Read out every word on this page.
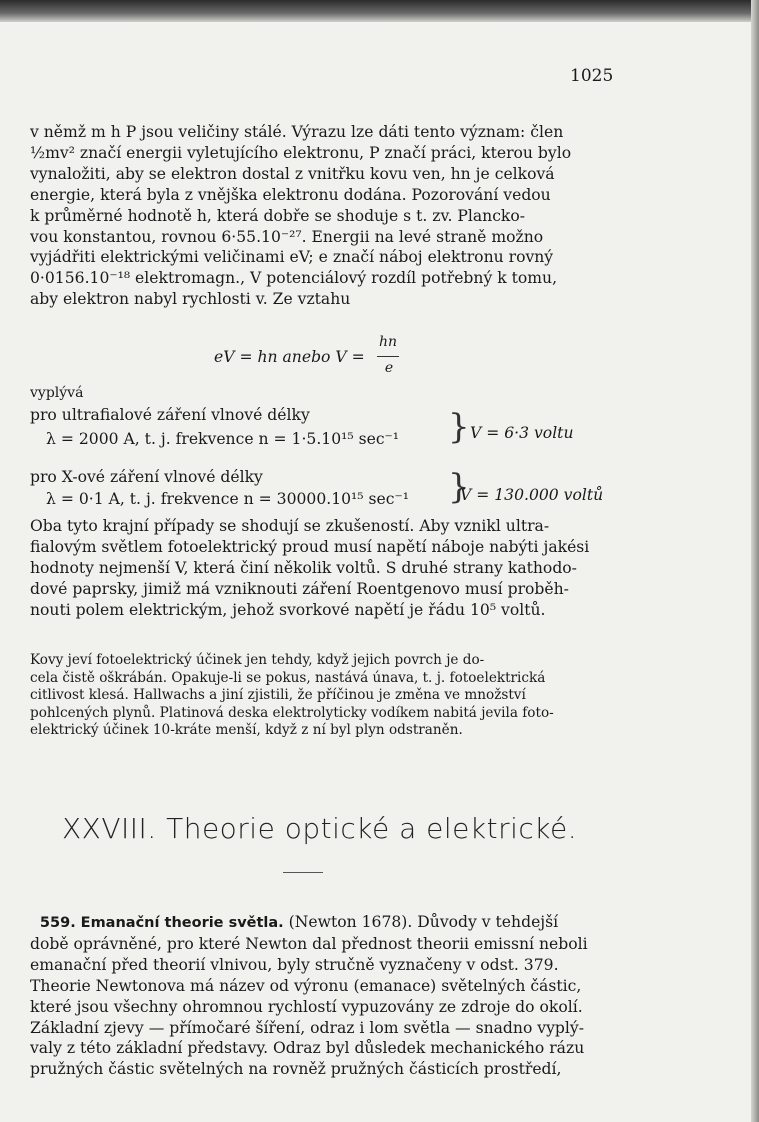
1025
v němž m h P jsou veličiny stálé. Výrazu lze dáti tento význam: člen
½mv² značí energii vyletujícího elektronu, P značí práci, kterou bylo
vynaložiti, aby se elektron dostal z vnitřku kovu ven, hn je celková
energie, která byla z vnějška elektronu dodána. Pozorování vedou
k průměrné hodnotě h, která dobře se shoduje s t. zv. Plancko-
vou konstantou, rovnou 6·55.10⁻²⁷. Energii na levé straně možno
vyjádřiti elektrickými veličinami eV; e značí náboj elektronu rovný
0·0156.10⁻¹⁸ elektromagn., V potenciálový rozdíl potřebný k tomu,
aby elektron nabyl rychlosti v. Ze vztahu
eV = hn anebo V =
hn
e
vyplývá
pro ultrafialové záření vlnové délky
λ = 2000 A, t. j. frekvence n = 1·5.10¹⁵ sec⁻¹ } V = 6·3 voltu
pro X-ové záření vlnové délky
λ = 0·1 A, t. j. frekvence n = 30000.10¹⁵ sec⁻¹ }
V = 130.000 voltů
Oba tyto krajní případy se shodují se zkušeností. Aby vznikl ultra-
fialovým světlem fotoelektrický proud musí napětí náboje nabýti jakési
hodnoty nejmenší V, která činí několik voltů. S druhé strany kathodo-
dové paprsky, jimiž má vzniknouti záření Roentgenovo musí proběh-
nouti polem elektrickým, jehož svorkové napětí je řádu 10⁵ voltů.
Kovy jeví fotoelektrický účinek jen tehdy, když jejich povrch je do-
cela čistě oškrábán. Opakuje-li se pokus, nastává únava, t. j. fotoelektrická
citlivost klesá. Hallwachs a jiní zjistili, že příčinou je změna ve množství
pohlcených plynů. Platinová deska elektrolyticky vodíkem nabitá jevila foto-
elektrický účinek 10-kráte menší, když z ní byl plyn odstraněn.
XXVIII. Theorie optické a elektrické.
559. Emanační theorie světla. (Newton 1678). Důvody v tehdejší
době oprávněné, pro které Newton dal přednost theorii emissní neboli
emanační před theorií vlnivou, byly stručně vyznačeny v odst. 379.
Theorie Newtonova má název od výronu (emanace) světelných částic,
které jsou všechny ohromnou rychlostí vypuzovány ze zdroje do okolí.
Základní zjevy — přímočaré šíření, odraz i lom světla — snadno vyplý-
valy z této základní představy. Odraz byl důsledek mechanického rázu
pružných částic světelných na rovněž pružných částicích prostředí,
